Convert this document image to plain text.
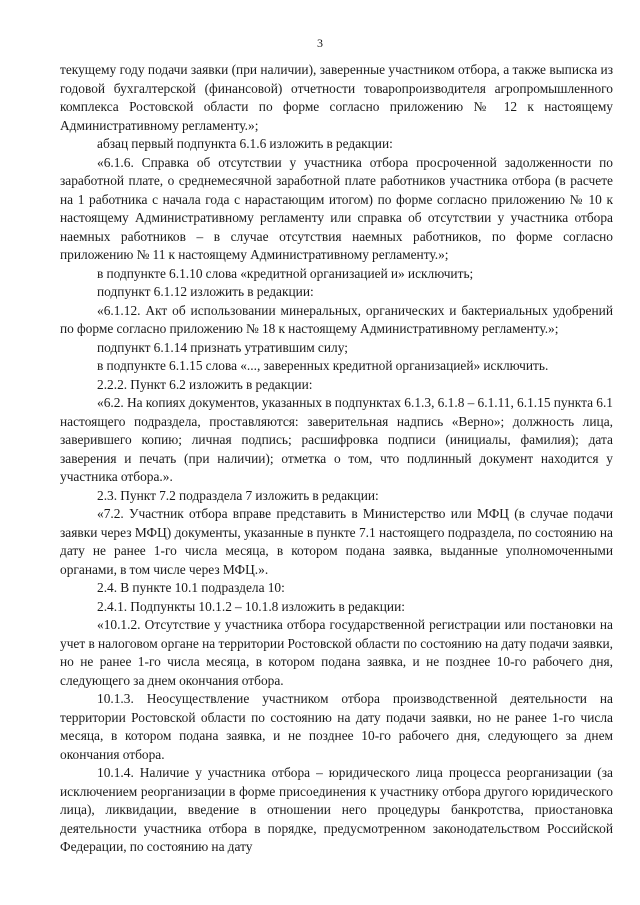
3

текущему году подачи заявки (при наличии), заверенные участником отбора, а также выписка из годовой бухгалтерской (финансовой) отчетности товаропроизводителя агропромышленного комплекса Ростовской области по форме согласно приложению № 12 к настоящему Административному регламенту.»;

абзац первый подпункта 6.1.6 изложить в редакции:

«6.1.6. Справка об отсутствии у участника отбора просроченной задолженности по заработной плате, о среднемесячной заработной плате работников участника отбора (в расчете на 1 работника с начала года с нарастающим итогом) по форме согласно приложению № 10 к настоящему Административному регламенту или справка об отсутствии у участника отбора наемных работников – в случае отсутствия наемных работников, по форме согласно приложению № 11 к настоящему Административному регламенту.»;

в подпункте 6.1.10 слова «кредитной организацией и» исключить;

подпункт 6.1.12 изложить в редакции:

«6.1.12. Акт об использовании минеральных, органических и бактериальных удобрений по форме согласно приложению № 18 к настоящему Административному регламенту.»;

подпункт 6.1.14 признать утратившим силу;

в подпункте 6.1.15 слова «..., заверенных кредитной организацией» исключить.

2.2.2. Пункт 6.2 изложить в редакции:

«6.2. На копиях документов, указанных в подпунктах 6.1.3, 6.1.8 – 6.1.11, 6.1.15 пункта 6.1 настоящего подраздела, проставляются: заверительная надпись «Верно»; должность лица, заверившего копию; личная подпись; расшифровка подписи (инициалы, фамилия); дата заверения и печать (при наличии); отметка о том, что подлинный документ находится у участника отбора.».

2.3. Пункт 7.2 подраздела 7 изложить в редакции:

«7.2. Участник отбора вправе представить в Министерство или МФЦ (в случае подачи заявки через МФЦ) документы, указанные в пункте 7.1 настоящего подраздела, по состоянию на дату не ранее 1-го числа месяца, в котором подана заявка, выданные уполномоченными органами, в том числе через МФЦ.».

2.4. В пункте 10.1 подраздела 10:

2.4.1. Подпункты 10.1.2 – 10.1.8 изложить в редакции:

«10.1.2. Отсутствие у участника отбора государственной регистрации или постановки на учет в налоговом органе на территории Ростовской области по состоянию на дату подачи заявки, но не ранее 1-го числа месяца, в котором подана заявка, и не позднее 10-го рабочего дня, следующего за днем окончания отбора.

10.1.3. Неосуществление участником отбора производственной деятельности на территории Ростовской области по состоянию на дату подачи заявки, но не ранее 1-го числа месяца, в котором подана заявка, и не позднее 10-го рабочего дня, следующего за днем окончания отбора.

10.1.4. Наличие у участника отбора – юридического лица процесса реорганизации (за исключением реорганизации в форме присоединения к участнику отбора другого юридического лица), ликвидации, введение в отношении него процедуры банкротства, приостановка деятельности участника отбора в порядке, предусмотренном законодательством Российской Федерации, по состоянию на дату
